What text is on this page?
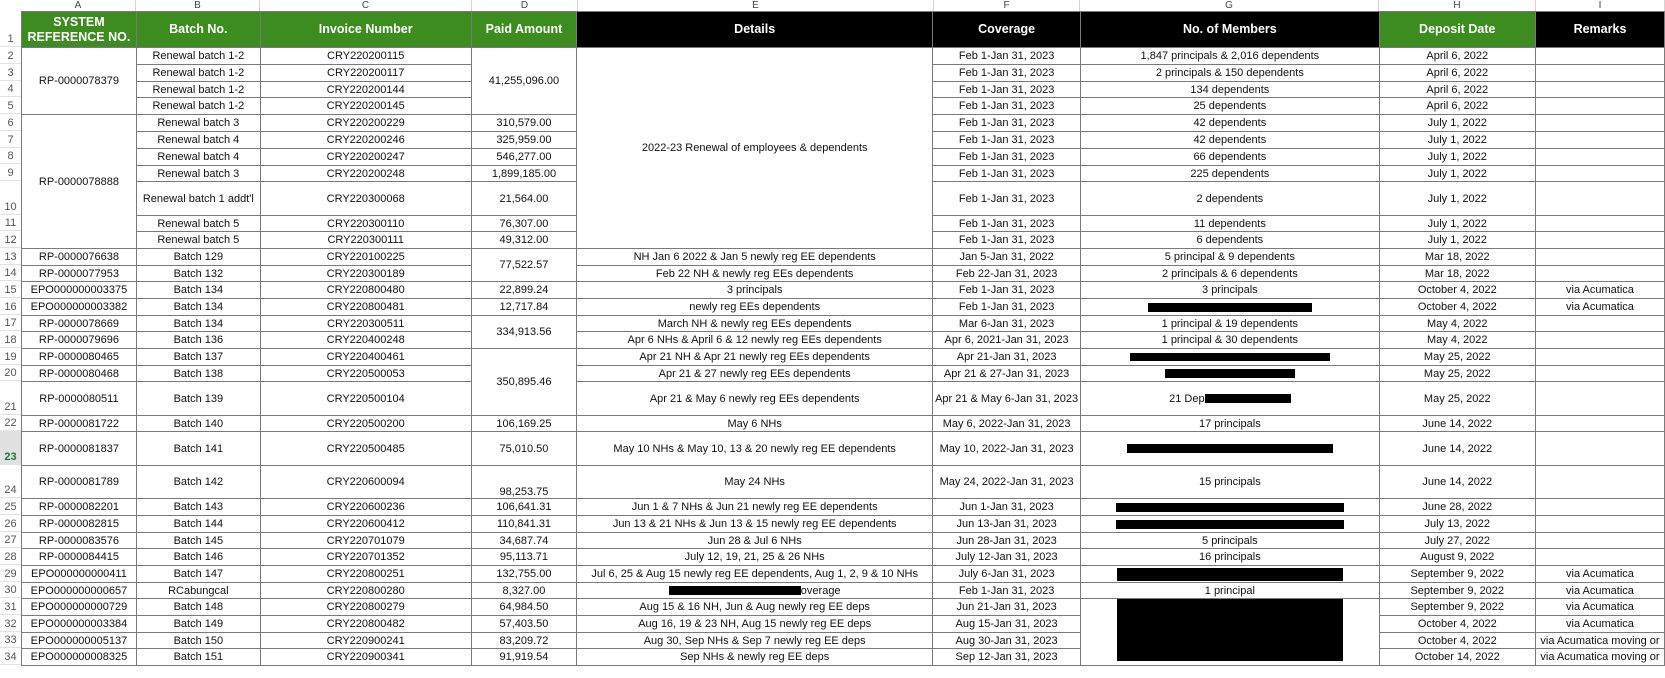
A	B	C	D	E	F	G	H	I
1
2
3
4
5
6
7
8
9
10
11
12
13
14
15
16
17
18
19
20
21
22
23
24
25
26
27
28
29
30
31
32
33
34
SYSTEM REFERENCE NO.	Batch No.	Invoice Number	Paid Amount	Details	Coverage	No. of Members	Deposit Date	Remarks
RP-0000078379	Renewal batch 1-2	CRY220200115	41,255,096.00	2022-23 Renewal of employees & dependents	Feb 1-Jan 31, 2023	1,847 principals & 2,016 dependents	April 6, 2022	
	Renewal batch 1-2	CRY220200117			Feb 1-Jan 31, 2023	2 principals & 150 dependents	April 6, 2022	
	Renewal batch 1-2	CRY220200144			Feb 1-Jan 31, 2023	134 dependents	April 6, 2022	
	Renewal batch 1-2	CRY220200145			Feb 1-Jan 31, 2023	25 dependents	April 6, 2022	
RP-0000078888	Renewal batch 3	CRY220200229	310,579.00		Feb 1-Jan 31, 2023	42 dependents	July 1, 2022	
	Renewal batch 4	CRY220200246	325,959.00		Feb 1-Jan 31, 2023	42 dependents	July 1, 2022	
	Renewal batch 4	CRY220200247	546,277.00		Feb 1-Jan 31, 2023	66 dependents	July 1, 2022	
	Renewal batch 3	CRY220200248	1,899,185.00		Feb 1-Jan 31, 2023	225 dependents	July 1, 2022	
	Renewal batch 1 addt'l	CRY220300068	21,564.00		Feb 1-Jan 31, 2023	2 dependents	July 1, 2022	
	Renewal batch 5	CRY220300110	76,307.00		Feb 1-Jan 31, 2023	11 dependents	July 1, 2022	
	Renewal batch 5	CRY220300111	49,312.00		Feb 1-Jan 31, 2023	6 dependents	July 1, 2022	
RP-0000076638	Batch 129	CRY220100225	77,522.57	NH Jan 6 2022 & Jan 5 newly reg EE dependents	Jan 5-Jan 31, 2022	5 principal & 9 dependents	Mar 18, 2022	
RP-0000077953	Batch 132	CRY220300189		Feb 22 NH & newly reg EEs dependents	Feb 22-Jan 31, 2023	2 principals & 6 dependents	Mar 18, 2022	
EPO000000003375	Batch 134	CRY220800480	22,899.24	3 principals	Feb 1-Jan 31, 2023	3 principals	October 4, 2022	via Acumatica
EPO000000003382	Batch 134	CRY220800481	12,717.84	newly reg EEs dependents	Feb 1-Jan 31, 2023		October 4, 2022	via Acumatica
RP-0000078669	Batch 134	CRY220300511	334,913.56	March NH & newly reg EEs dependents	Mar 6-Jan 31, 2023	1 principal & 19 dependents	May 4, 2022	
RP-0000079696	Batch 136	CRY220400248		Apr 6 NHs & April 6 & 12 newly reg EEs dependents	Apr 6, 2021-Jan 31, 2023	1 principal & 30 dependents	May 4, 2022	
RP-0000080465	Batch 137	CRY220400461	350,895.46	Apr 21 NH & Apr 21 newly reg EEs dependents	Apr 21-Jan 31, 2023		May 25, 2022	
RP-0000080468	Batch 138	CRY220500053		Apr 21 & 27 newly reg EEs dependents	Apr 21 & 27-Jan 31, 2023		May 25, 2022	
RP-0000080511	Batch 139	CRY220500104		Apr 21 & May 6 newly reg EEs dependents	Apr 21 & May 6-Jan 31, 2023	21 Dep	May 25, 2022	
RP-0000081722	Batch 140	CRY220500200	106,169.25	May 6 NHs	May 6, 2022-Jan 31, 2023	17 principals	June 14, 2022	
RP-0000081837	Batch 141	CRY220500485	75,010.50	May 10 NHs & May 10, 13 & 20 newly reg EE dependents	May 10, 2022-Jan 31, 2023		June 14, 2022	
RP-0000081789	Batch 142	CRY220600094	98,253.75	May 24 NHs	May 24, 2022-Jan 31, 2023	15 principals	June 14, 2022	
RP-0000082201	Batch 143	CRY220600236	106,641.31	Jun 1 & 7 NHs & Jun 21 newly reg EE dependents	Jun 1-Jan 31, 2023		June 28, 2022	
RP-0000082815	Batch 144	CRY220600412	110,841.31	Jun 13 & 21 NHs & Jun 13 & 15 newly reg EE dependents	Jun 13-Jan 31, 2023		July 13, 2022	
RP-0000083576	Batch 145	CRY220701079	34,687.74	Jun 28 & Jul 6 NHs	Jun 28-Jan 31, 2023	5 principals	July 27, 2022	
RP-0000084415	Batch 146	CRY220701352	95,113.71	July 12, 19, 21, 25 & 26 NHs	July 12-Jan 31, 2023	16 principals	August 9, 2022	
EPO000000000411	Batch 147	CRY220800251	132,755.00	Jul 6, 25 & Aug 15 newly reg EE dependents, Aug 1, 2, 9 & 10 NHs	July 6-Jan 31, 2023		September 9, 2022	via Acumatica
EPO000000000657	RCabungcal	CRY220800280	8,327.00	overage	Feb 1-Jan 31, 2023	1 principal	September 9, 2022	via Acumatica
EPO000000000729	Batch 148	CRY220800279	64,984.50	Aug 15 & 16 NH, Jun & Aug newly reg EE deps	Jun 21-Jan 31, 2023		September 9, 2022	via Acumatica
EPO000000003384	Batch 149	CRY220800482	57,403.50	Aug 16, 19 & 23 NH, Aug 15 newly reg EE deps	Aug 15-Jan 31, 2023		October 4, 2022	via Acumatica
EPO000000005137	Batch 150	CRY220900241	83,209.72	Aug 30, Sep NHs & Sep 7 newly reg EE deps	Aug 30-Jan 31, 2023		October 4, 2022	via Acumatica moving or
EPO000000008325	Batch 151	CRY220900341	91,919.54	Sep NHs & newly reg EE deps	Sep 12-Jan 31, 2023		October 14, 2022	via Acumatica moving or
